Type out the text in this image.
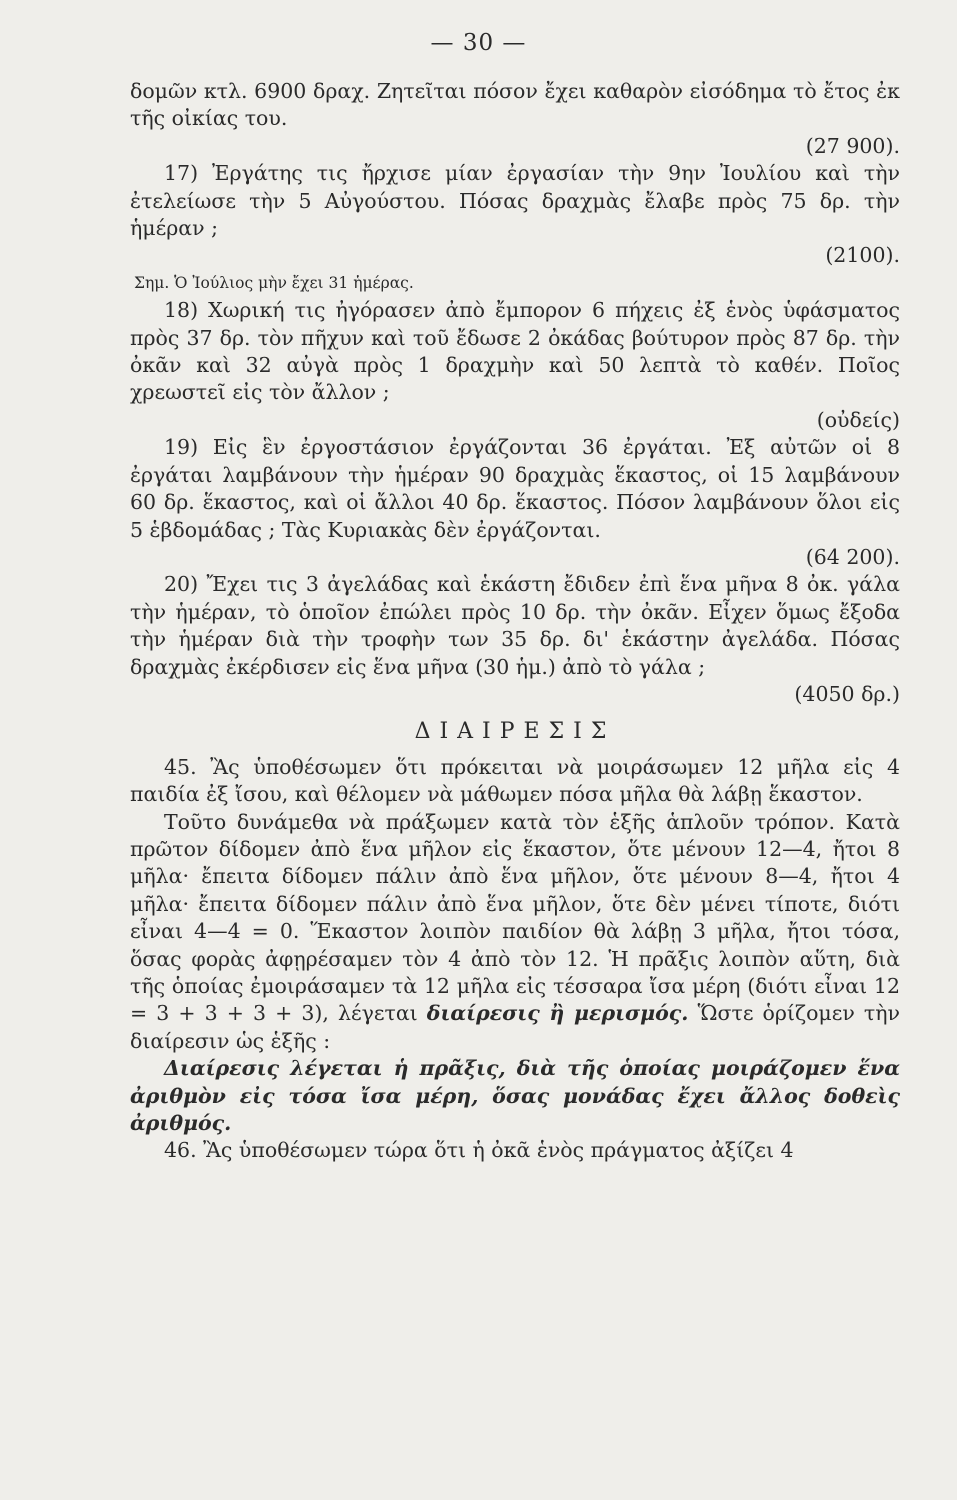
— 30 —

δομῶν κτλ. 6900 δραχ. Ζητεῖται πόσον ἔχει καθαρὸν εἰσόδημα τὸ ἔτος ἐκ τῆς οἰκίας του.

(27 900).

17) Ἐργάτης τις ἤρχισε μίαν ἐργασίαν τὴν 9ην Ἰουλίου καὶ τὴν ἐτελείωσε τὴν 5 Αὐγούστου. Πόσας δραχμὰς ἔλαβε πρὸς 75 δρ. τὴν ἡμέραν ;

(2100).

Σημ. Ὁ Ἰούλιος μὴν ἔχει 31 ἡμέρας.

18) Χωρική τις ἠγόρασεν ἀπὸ ἔμπορον 6 πήχεις ἐξ ἑνὸς ὑφάσματος πρὸς 37 δρ. τὸν πῆχυν καὶ τοῦ ἔδωσε 2 ὀκάδας βούτυρον πρὸς 87 δρ. τὴν ὀκᾶν καὶ 32 αὐγὰ πρὸς 1 δραχμὴν καὶ 50 λεπτὰ τὸ καθέν. Ποῖος χρεωστεῖ εἰς τὸν ἄλλον ;

(οὐδείς)

19) Εἰς ἓν ἐργοστάσιον ἐργάζονται 36 ἐργάται. Ἐξ αὐτῶν οἱ 8 ἐργάται λαμβάνουν τὴν ἡμέραν 90 δραχμὰς ἕκαστος, οἱ 15 λαμβάνουν 60 δρ. ἕκαστος, καὶ οἱ ἄλλοι 40 δρ. ἕκαστος. Πόσον λαμβάνουν ὅλοι εἰς 5 ἑβδομάδας ; Τὰς Κυριακὰς δὲν ἐργάζονται.

(64 200).

20) Ἔχει τις 3 ἀγελάδας καὶ ἑκάστη ἔδιδεν ἐπὶ ἕνα μῆνα 8 ὀκ. γάλα τὴν ἡμέραν, τὸ ὁποῖον ἐπώλει πρὸς 10 δρ. τὴν ὀκᾶν. Εἶχεν ὅμως ἔξοδα τὴν ἡμέραν διὰ τὴν τροφὴν των 35 δρ. δι' ἑκάστην ἀγελάδα. Πόσας δραχμὰς ἐκέρδισεν εἰς ἕνα μῆνα (30 ἡμ.) ἀπὸ τὸ γάλα ;

(4050 δρ.)

ΔΙΑΙΡΕΣΙΣ

45. Ἂς ὑποθέσωμεν ὅτι πρόκειται νὰ μοιράσωμεν 12 μῆλα εἰς 4 παιδία ἐξ ἴσου, καὶ θέλομεν νὰ μάθωμεν πόσα μῆλα θὰ λάβῃ ἕκαστον.

Τοῦτο δυνάμεθα νὰ πράξωμεν κατὰ τὸν ἑξῆς ἁπλοῦν τρόπον. Κατὰ πρῶτον δίδομεν ἀπὸ ἕνα μῆλον εἰς ἕκαστον, ὅτε μένουν 12—4, ἤτοι 8 μῆλα· ἔπειτα δίδομεν πάλιν ἀπὸ ἕνα μῆλον, ὅτε μένουν 8—4, ἤτοι 4 μῆλα· ἔπειτα δίδομεν πάλιν ἀπὸ ἕνα μῆλον, ὅτε δὲν μένει τίποτε, διότι εἶναι 4—4 = 0. Ἕκαστον λοιπὸν παιδίον θὰ λάβῃ 3 μῆλα, ἤτοι τόσα, ὅσας φορὰς ἀφῃρέσαμεν τὸν 4 ἀπὸ τὸν 12. Ἡ πρᾶξις λοιπὸν αὕτη, διὰ τῆς ὁποίας ἐμοιράσαμεν τὰ 12 μῆλα εἰς τέσσαρα ἴσα μέρη (διότι εἶναι 12 = 3 + 3 + 3 + 3), λέγεται διαίρεσις ἢ μερισμός. Ὥστε ὁρίζομεν τὴν διαίρεσιν ὡς ἑξῆς :

Διαίρεσις λέγεται ἡ πρᾶξις, διὰ τῆς ὁποίας μοιράζομεν ἕνα ἀριθμὸν εἰς τόσα ἴσα μέρη, ὅσας μονάδας ἔχει ἄλλος δοθεὶς ἀριθμός.

46. Ἂς ὑποθέσωμεν τώρα ὅτι ἡ ὀκᾶ ἑνὸς πράγματος ἀξίζει 4
